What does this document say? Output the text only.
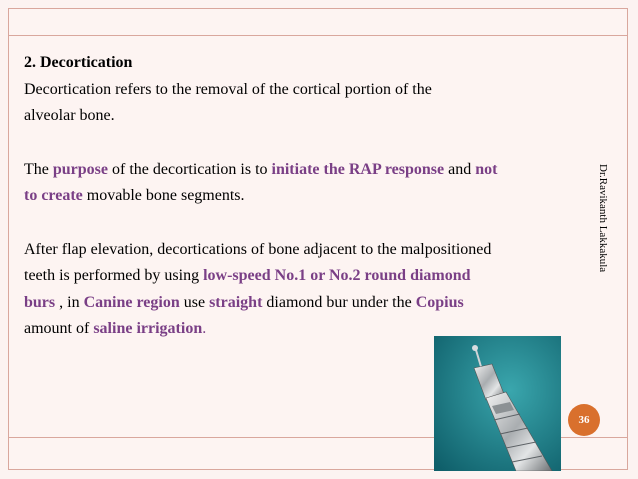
2. Decortication

Decortication refers to the removal of the cortical portion of the

alveolar bone.

The purpose of the decortication is to initiate the RAP response and not

to create movable bone segments.

After flap elevation, decortications of bone adjacent to the malpositioned

teeth is performed by using low-speed No.1 or No.2 round diamond

burs , in Canine region use straight diamond bur under the Copius

amount of saline irrigation.

Dr.Ravikanth Lakkakula
36
